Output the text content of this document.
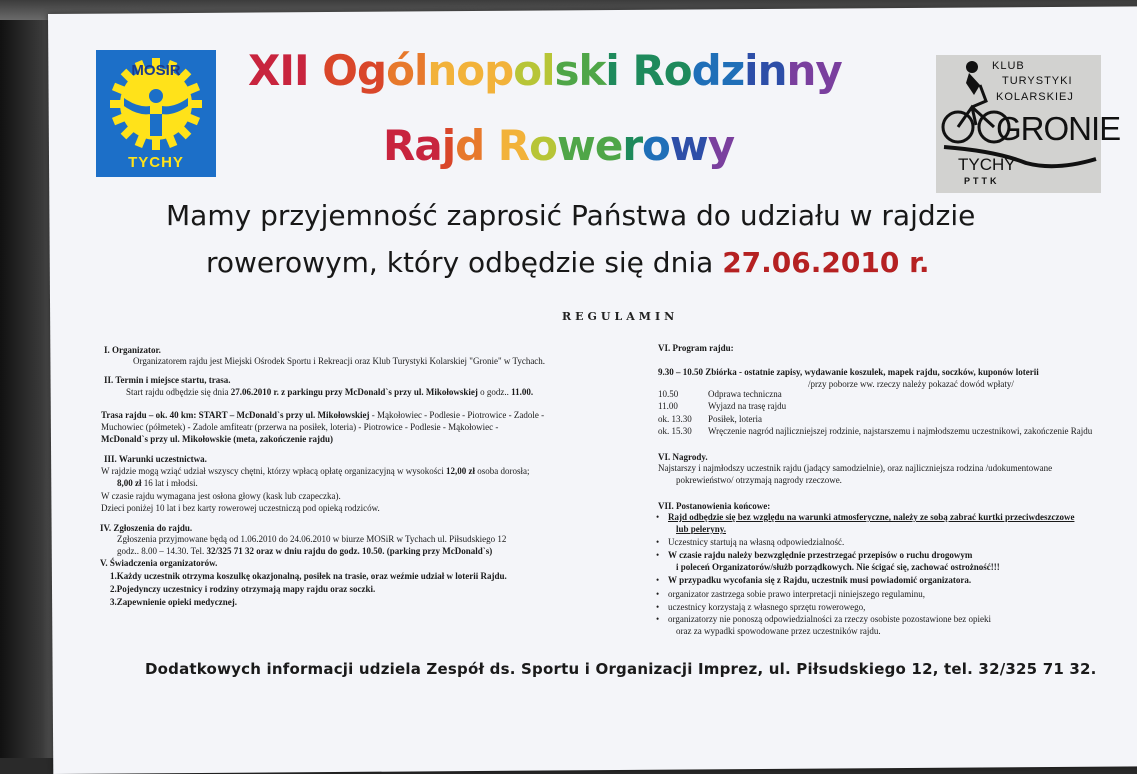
MOSIR
TYCHY
KLUB
TURYSTYKI
KOLARSKIEJ
GRONIE
TYCHY
PTTK
XII Ogólnopolski Rodzinny
Rajd Rowerowy
Mamy przyjemność zaprosić Państwa do udziału w rajdzie
rowerowym, który odbędzie się dnia 27.06.2010 r.
REGULAMIN
I. Organizator.
Organizatorem rajdu jest Miejski Ośrodek Sportu i Rekreacji oraz Klub Turystyki Kolarskiej "Gronie" w Tychach.
II. Termin i miejsce startu, trasa.
Start rajdu odbędzie się dnia 27.06.2010 r. z parkingu przy McDonald`s przy ul. Mikołowskiej o godz.. 11.00.
Trasa rajdu – ok. 40 km: START – McDonald`s przy ul. Mikołowskiej - Mąkołowiec - Podlesie - Piotrowice - Zadole -
Muchowiec (półmetek) - Zadole amfiteatr (przerwa na posiłek, loteria) - Piotrowice - Podlesie - Mąkołowiec -
McDonald`s przy ul. Mikołowskie (meta, zakończenie rajdu)
III. Warunki uczestnictwa.
W rajdzie mogą wziąć udział wszyscy chętni, którzy wpłacą opłatę organizacyjną w wysokości 12,00 zł osoba dorosła;
8,00 zł 16 lat i młodsi.
W czasie rajdu wymagana jest osłona głowy (kask lub czapeczka).
Dzieci poniżej 10 lat i bez karty rowerowej uczestniczą pod opieką rodziców.
IV. Zgłoszenia do rajdu.
Zgłoszenia przyjmowane będą od 1.06.2010 do 24.06.2010 w biurze MOSiR w Tychach ul. Piłsudskiego 12
godz.. 8.00 – 14.30. Tel. 32/325 71 32 oraz w dniu rajdu do godz. 10.50. (parking przy McDonald`s)
V. Świadczenia organizatorów.
1.Każdy uczestnik otrzyma koszulkę okazjonalną, posiłek na trasie, oraz weźmie udział w loterii Rajdu.
2.Pojedynczy uczestnicy i rodziny otrzymają mapy rajdu oraz soczki.
3.Zapewnienie opieki medycznej.
VI. Program rajdu:
9.30 – 10.50 Zbiórka - ostatnie zapisy, wydawanie koszulek, mapek rajdu, soczków, kuponów loterii
/przy poborze ww. rzeczy należy pokazać dowód wpłaty/
10.50	Odprawa techniczna
11.00	Wyjazd na trasę rajdu
ok. 13.30 Posiłek, loteria
ok. 15.30 Wręczenie nagród najliczniejszej rodzinie, najstarszemu i najmłodszemu uczestnikowi, zakończenie Rajdu
VI. Nagrody.
Najstarszy i najmłodszy uczestnik rajdu (jadący samodzielnie), oraz najliczniejsza rodzina /udokumentowane
pokrewieństwo/ otrzymają nagrody rzeczowe.
VII. Postanowienia końcowe:
• Rajd odbędzie się bez względu na warunki atmosferyczne, należy ze sobą zabrać kurtki przeciwdeszczowe
lub peleryny.
• Uczestnicy startują na własną odpowiedzialność.
• W czasie rajdu należy bezwzględnie przestrzegać przepisów o ruchu drogowym
i poleceń Organizatorów/służb porządkowych. Nie ścigać się, zachować ostrożność!!!
• W przypadku wycofania się z Rajdu, uczestnik musi powiadomić organizatora.
• organizator zastrzega sobie prawo interpretacji niniejszego regulaminu,
• uczestnicy korzystają z własnego sprzętu rowerowego,
• organizatorzy nie ponoszą odpowiedzialności za rzeczy osobiste pozostawione bez opieki
oraz za wypadki spowodowane przez uczestników rajdu.
Dodatkowych informacji udziela Zespół ds. Sportu i Organizacji Imprez, ul. Piłsudskiego 12, tel. 32/325 71 32.
